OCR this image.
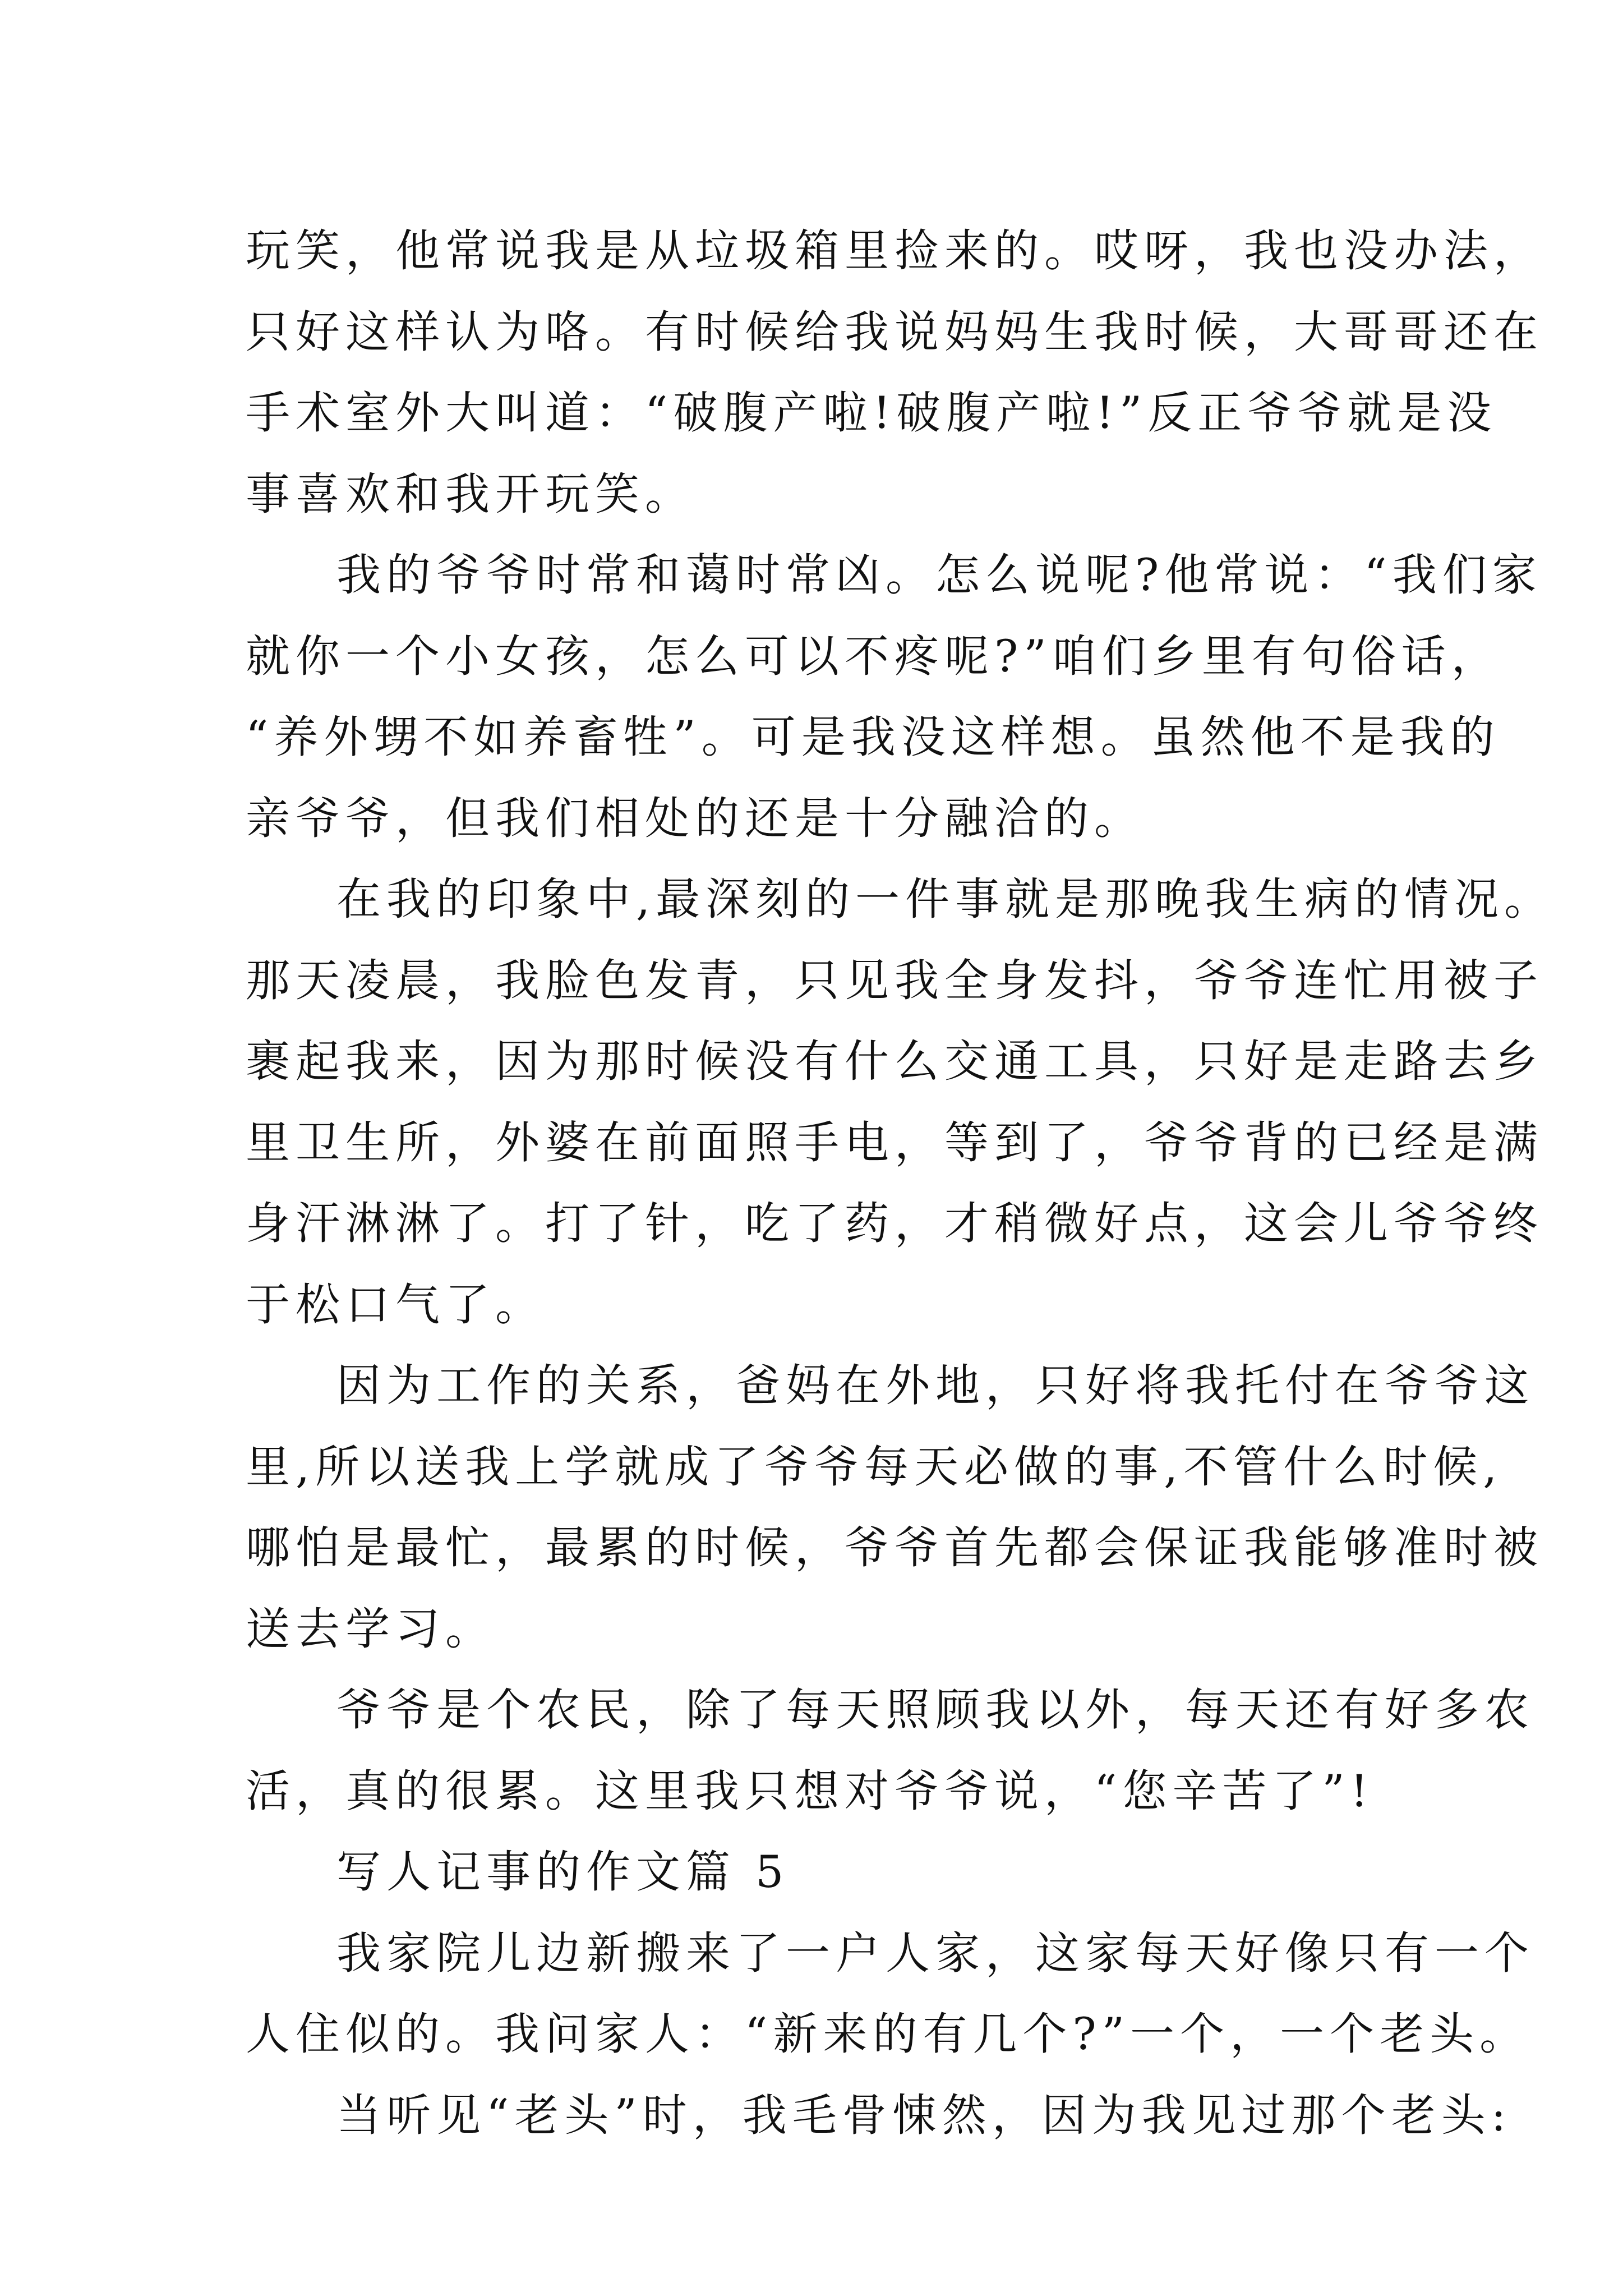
玩笑，他常说我是从垃圾箱里捡来的。哎呀，我也没办法，
只好这样认为咯。有时候给我说妈妈生我时候，大哥哥还在
手术室外大叫道：“破腹产啦!破腹产啦!”反正爷爷就是没
事喜欢和我开玩笑。
我的爷爷时常和蔼时常凶。怎么说呢?他常说：“我们家
就你一个小女孩，怎么可以不疼呢?”咱们乡里有句俗话，
“养外甥不如养畜牲”。可是我没这样想。虽然他不是我的
亲爷爷，但我们相处的还是十分融洽的。
在我的印象中,最深刻的一件事就是那晚我生病的情况。
那天凌晨，我脸色发青，只见我全身发抖，爷爷连忙用被子
裹起我来，因为那时候没有什么交通工具，只好是走路去乡
里卫生所，外婆在前面照手电，等到了，爷爷背的已经是满
身汗淋淋了。打了针，吃了药，才稍微好点，这会儿爷爷终
于松口气了。
因为工作的关系，爸妈在外地，只好将我托付在爷爷这
里,所以送我上学就成了爷爷每天必做的事,不管什么时候,
哪怕是最忙，最累的时候，爷爷首先都会保证我能够准时被
送去学习。
爷爷是个农民，除了每天照顾我以外，每天还有好多农
活，真的很累。这里我只想对爷爷说，“您辛苦了”!
写人记事的作文篇 5
我家院儿边新搬来了一户人家，这家每天好像只有一个
人住似的。我问家人：“新来的有几个?”一个，一个老头。
当听见“老头”时，我毛骨悚然，因为我见过那个老头:
